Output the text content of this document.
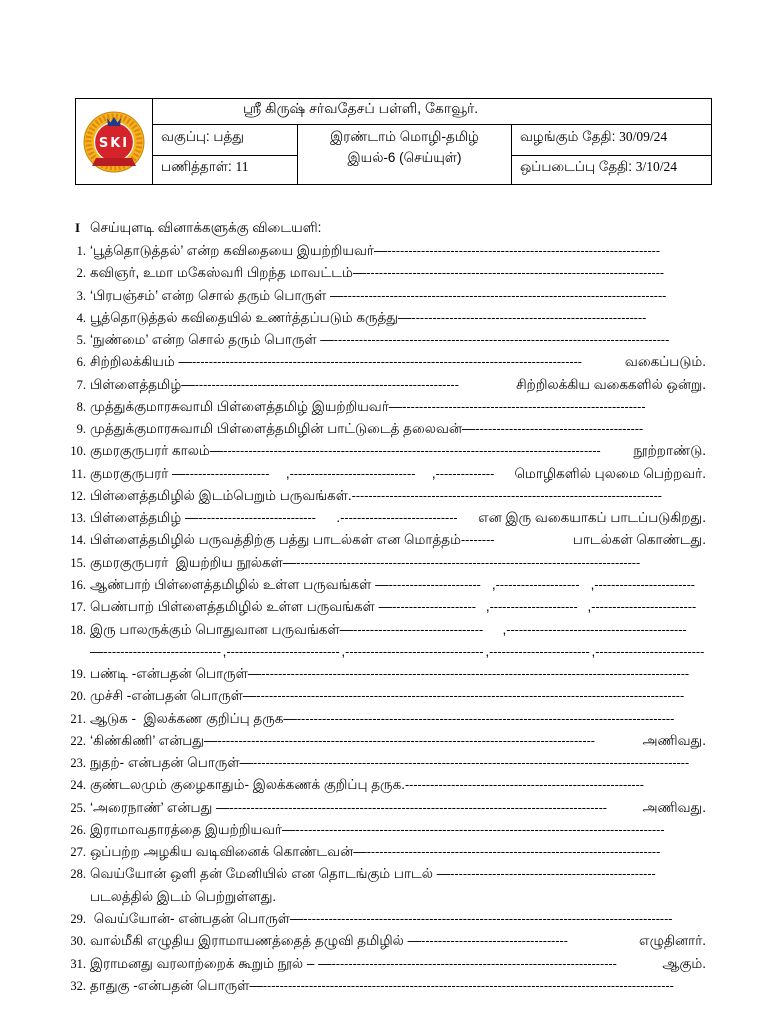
SKI	ஸ்ரீ கிருஷ் சர்வதேசப் பள்ளி, கோவூர்.		
	வகுப்பு: பத்து	இரண்டாம் மொழி-தமிழ்
இயல்-6 (செய்யுள்)	வழங்கும் தேதி: 30/09/24
	பணித்தாள்: 11		ஒப்படைப்பு தேதி: 3/10/24
I செய்யுளடி வினாக்களுக்கு விடையளி:
1. ‘பூத்தொடுத்தல்’ என்ற கவிதையை இயற்றியவர்— -----------------------------------------------------------------
2. கவிஞர், உமா மகேஸ்வரி பிறந்த மாவட்டம்— -----------------------------------------------------------------------
3. ‘பிரபஞ்சம்’ என்ற சொல் தரும் பொருள் — -----------------------------------------------------------------------------
4. பூத்தொடுத்தல் கவிதையில் உணர்த்தப்படும் கருத்து— --------------------------------------------------------
5. ‘நுண்மை’ என்ற சொல் தரும் பொருள் — --------------------------------------------------------------------------------
6. சிற்றிலக்கியம் — ---------------------------------------------------------------------------------------------	வகைப்படும்.
7. பிள்ளைத்தமிழ்— ---------------------------------------------------------------	சிற்றிலக்கிய வகைகளில் ஒன்று.
8. முத்துக்குமாரசுவாமி பிள்ளைத்தமிழ் இயற்றியவர்— ----------------------------------------------------------
9. முத்துக்குமாரசுவாமி பிள்ளைத்தமிழின் பாட்டுடைத் தலைவன்— ----------------------------------------
10. குமரகுருபரர் காலம்— ------------------------------------------------------------------------------------------	நூற்றாண்டு.
11. குமரகுருபரர் — --------------------	, ------------------------------	, --------------	மொழிகளில் புலமை பெற்றவர்.
12. பிள்ளைத்தமிழில் இடம்பெறும் பருவங்கள். --------------------------------------------------------------------------
13. பிள்ளைத்தமிழ் — ----------------------------	. ----------------------------	என இரு வகையாகப் பாடப்படுகிறது.
14. பிள்ளைத்தமிழில் பருவத்திற்கு பத்து பாடல்கள் என மொத்தம் --------	பாடல்கள் கொண்டது.
15. குமரகுருபரர்  இயற்றிய நூல்கள்— ----------------------------------------------------------------------------------
16. ஆண்பாற் பிள்ளைத்தமிழில் உள்ள பருவங்கள் — ---------------------- , -------------------- , ------------------------
17. பெண்பாற் பிள்ளைத்தமிழில் உள்ள பருவங்கள் — -------------------- , --------------------- , -------------------------
18. இரு பாலருக்கும் பொதுவான பருவங்கள்— -------------------------------	, -------------------------------------------
— ---------------------------- , --------------------------- , --------------------------------- , ------------------------ , --------------------------
19. பண்டி -என்பதன் பொருள்— ------------------------------------------------------------------------------------------------------
20. முச்சி -என்பதன் பொருள்— ------------------------------------------------------------------------------------------------------
21. ஆடுக -  இலக்கண குறிப்பு தருக— ------------------------------------------------------------------------------------------
22. ‘கிண்கிணி’ என்பது— ------------------------------------------------------------------------------------------	அணிவது.
23. நுதற்- என்பதன் பொருள்— --------------------------------------------------------------------------------------------------------
24. குண்டலமும் குழைகாதும்- இலக்கணக் குறிப்பு தருக. ---------------------------------------------------------
25. ‘அரைநாண்’ என்பது — ------------------------------------------------------------------------------------------	அணிவது.
26. இராமாவதாரத்தை இயற்றியவர்— ----------------------------------------------------------------------------------------
27. ஒப்பற்ற அழகிய வடிவினைக் கொண்டவன்— ----------------------------------------------------------------------
28. வெய்யோன் ஒளி தன் மேனியில் என தொடங்கும் பாடல் — -------------------------------------------------
படலத்தில் இடம் பெற்றுள்ளது.
29. வெய்யோன்- என்பதன் பொருள்— ----------------------------------------------------------------------------------------
30. வால்மீகி எழுதிய இராமாயணத்தைத் தழுவி தமிழில் — -----------------------------------	எழுதினார்.
31. இராமனது வரலாற்றைக் கூறும் நூல் – — --------------------------------------------------------------------	ஆகும்.
32. தாதுகு -என்பதன் பொருள்— --------------------------------------------------------------------------------------------------
